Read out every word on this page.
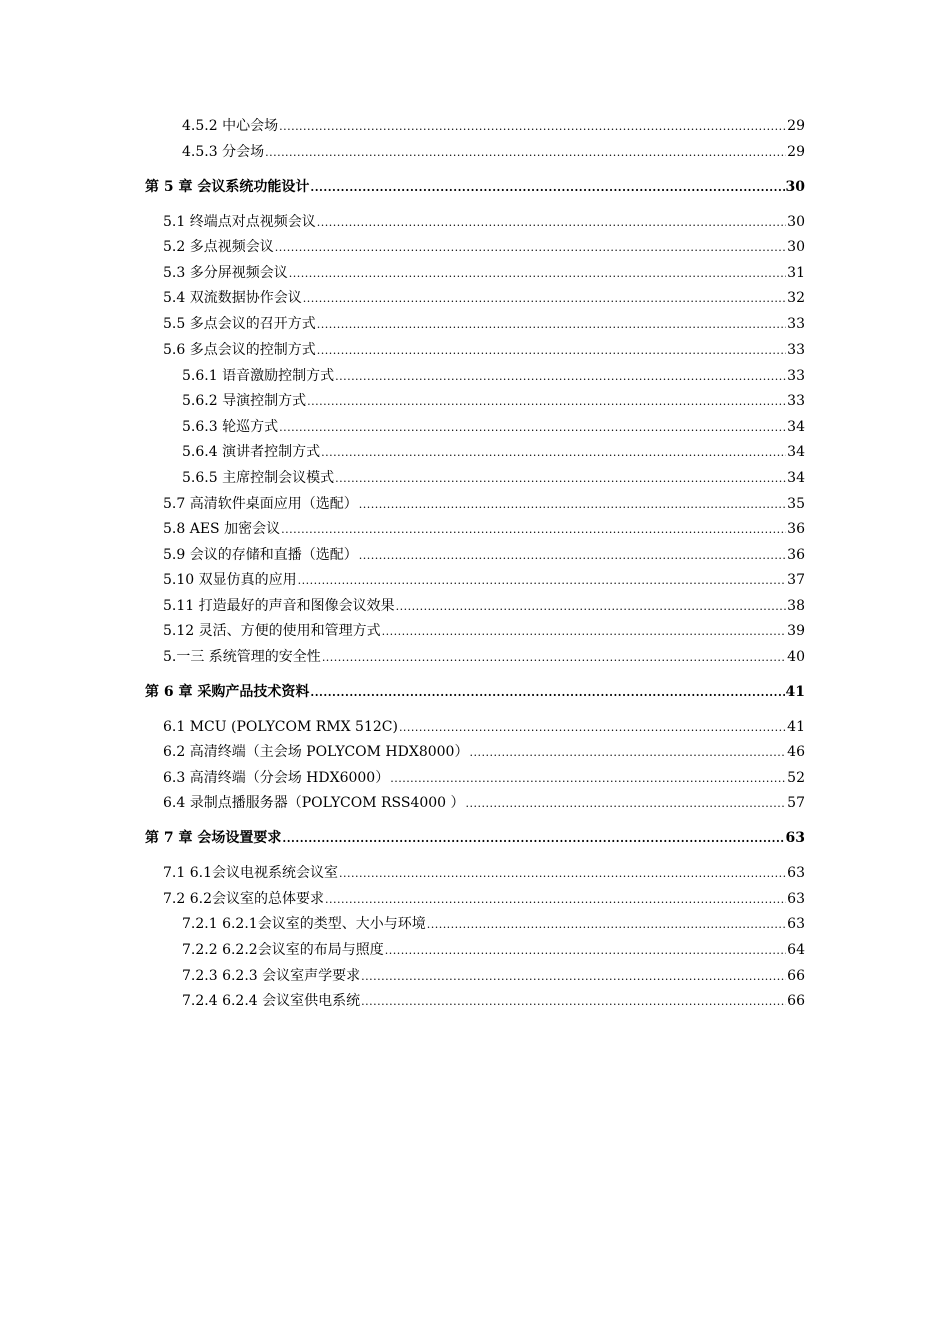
4.5.2 中心会场 .....	29
4.5.3 分会场 .....	29
第 5 章 会议系统功能设计 .....	30
5.1 终端点对点视频会议 .....	30
5.2 多点视频会议 .....	30
5.3 多分屏视频会议 .....	31
5.4 双流数据协作会议 .....	32
5.5 多点会议的召开方式 .....	33
5.6 多点会议的控制方式 .....	33
5.6.1 语音激励控制方式 .....	33
5.6.2 导演控制方式 .....	33
5.6.3 轮巡方式 .....	34
5.6.4 演讲者控制方式 .....	34
5.6.5 主席控制会议模式 .....	34
5.7 高清软件桌面应用（选配） .....	35
5.8 AES 加密会议 .....	36
5.9 会议的存储和直播（选配） .....	36
5.10 双显仿真的应用 .....	37
5.11 打造最好的声音和图像会议效果 .....	38
5.12 灵活、方便的使用和管理方式 .....	39
5.一三 系统管理的安全性 .....	40
第 6 章 采购产品技术资料 .....	41
6.1 MCU (POLYCOM RMX 512C) .....	41
6.2 高清终端（主会场 POLYCOM HDX8000） .....	46
6.3 高清终端（分会场 HDX6000） .....	52
6.4 录制点播服务器（POLYCOM RSS4000 ） .....	57
第 7 章 会场设置要求 .....	63
7.1 6.1会议电视系统会议室 .....	63
7.2 6.2会议室的总体要求 .....	63
7.2.1 6.2.1会议室的类型、大小与环境 .....	63
7.2.2 6.2.2会议室的布局与照度 .....	64
7.2.3 6.2.3 会议室声学要求 .....	66
7.2.4 6.2.4 会议室供电系统 .....	66
